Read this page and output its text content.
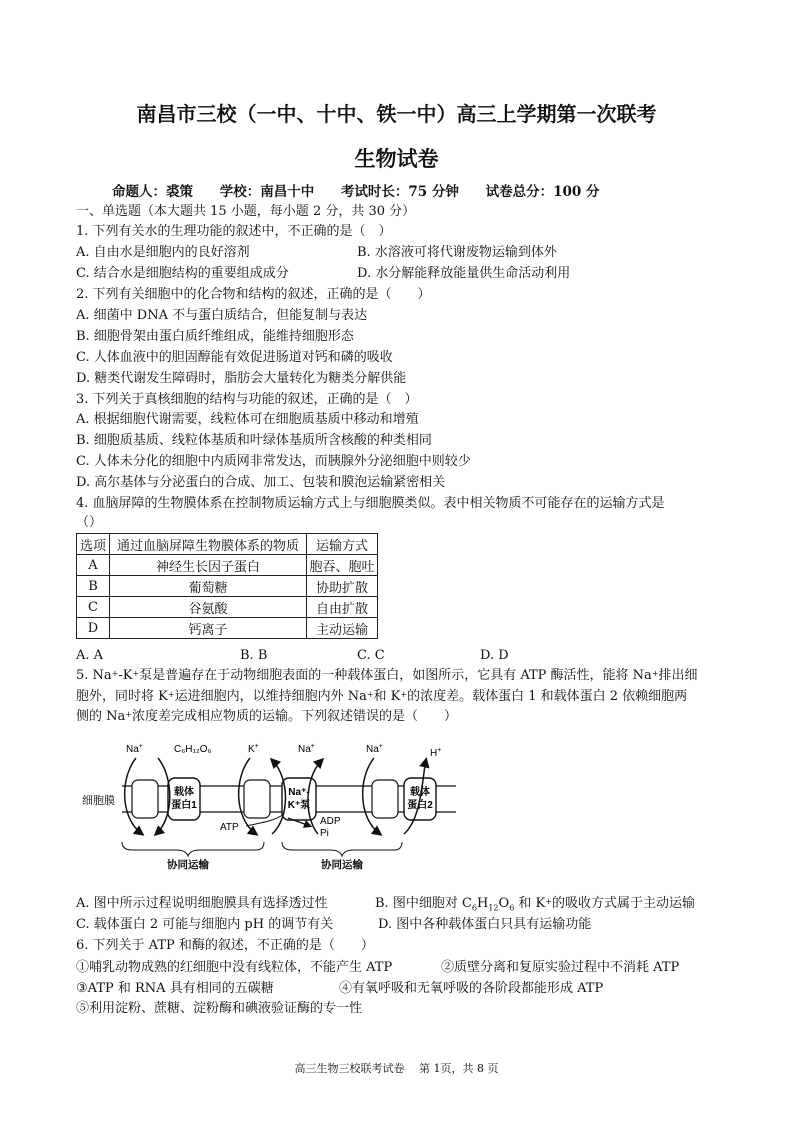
南昌市三校（一中、十中、铁一中）高三上学期第一次联考
生物试卷
命题人：裘策 学校：南昌十中 考试时长：75 分钟 试卷总分：100 分
一、单选题（本大题共 15 小题，每小题 2 分，共 30 分）
1. 下列有关水的生理功能的叙述中，不正确的是（　）
A. 自由水是细胞内的良好溶剂	B. 水溶液可将代谢废物运输到体外
C. 结合水是细胞结构的重要组成成分	D. 水分解能释放能量供生命活动利用
2. 下列有关细胞中的化合物和结构的叙述，正确的是（　　）
A. 细菌中 DNA 不与蛋白质结合，但能复制与表达
B. 细胞骨架由蛋白质纤维组成，能维持细胞形态
C. 人体血液中的胆固醇能有效促进肠道对钙和磷的吸收
D. 糖类代谢发生障碍时，脂肪会大量转化为糖类分解供能
3. 下列关于真核细胞的结构与功能的叙述，正确的是（　）
A. 根据细胞代谢需要，线粒体可在细胞质基质中移动和增殖
B. 细胞质基质、线粒体基质和叶绿体基质所含核酸的种类相同
C. 人体未分化的细胞中内质网非常发达，而胰腺外分泌细胞中则较少
D. 高尔基体与分泌蛋白的合成、加工、包装和膜泡运输紧密相关
4. 血脑屏障的生物膜体系在控制物质运输方式上与细胞膜类似。表中相关物质不可能存在的运输方式是
（）
选项	通过血脑屏障生物膜体系的物质	运输方式
A	神经生长因子蛋白	胞吞、胞吐
B	葡萄糖	协助扩散
C	谷氨酸	自由扩散
D	钙离子	主动运输
A. A	B. B	C. C	D. D
5. Na+-K+泵是普遍存在于动物细胞表面的一种载体蛋白，如图所示，它具有 ATP 酶活性，能将 Na+排出细
胞外，同时将 K+运进细胞内，以维持细胞内外 Na+和 K+的浓度差。载体蛋白 1 和载体蛋白 2 依赖细胞两
侧的 Na+浓度差完成相应物质的运输。下列叙述错误的是（　　）
细胞膜
载体
蛋白1
Na⁺-
K⁺泵
载体
蛋白2
Na+	C₆H₁₂O₆	K+	Na+	Na+
H+
ATP
ADP
Pi
协同运输	协同运输
A. 图中所示过程说明细胞膜具有选择透过性	B. 图中细胞对 $C_6H_{12}O_6$ 和 K+的吸收方式属于主动运输
C. 载体蛋白 2 可能与细胞内 pH 的调节有关	D. 图中各种载体蛋白只具有运输功能
6. 下列关于 ATP 和酶的叙述，不正确的是（　　）
①哺乳动物成熟的红细胞中没有线粒体，不能产生 ATP	②质壁分离和复原实验过程中不消耗 ATP
③ATP 和 RNA 具有相同的五碳糖	④有氧呼吸和无氧呼吸的各阶段都能形成 ATP
⑤利用淀粉、蔗糖、淀粉酶和碘液验证酶的专一性
高三生物三校联考试卷　 第 1页，共 8 页
